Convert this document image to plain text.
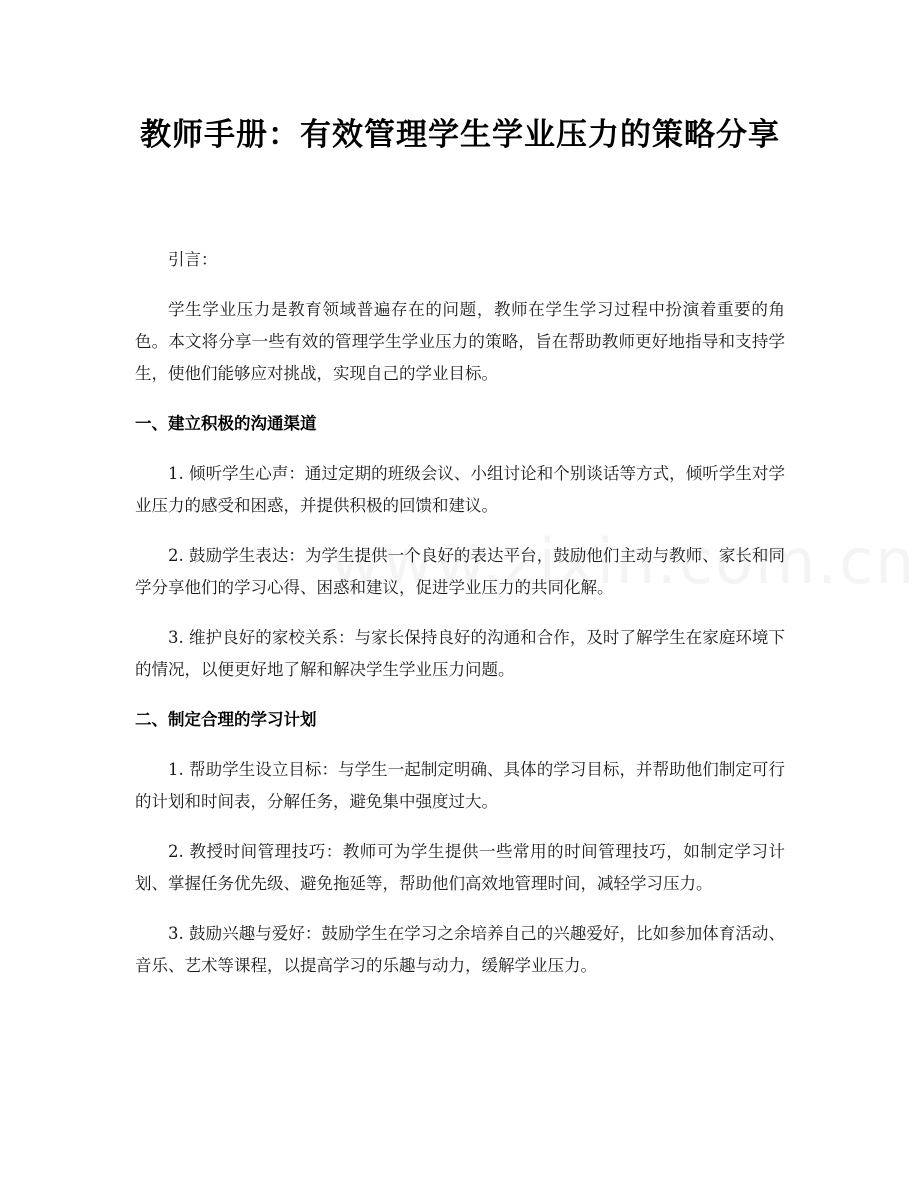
教师手册：有效管理学生学业压力的策略分享

引言：

学生学业压力是教育领域普遍存在的问题，教师在学生学习过程中扮演着重要的角色。本文将分享一些有效的管理学生学业压力的策略，旨在帮助教师更好地指导和支持学生，使他们能够应对挑战，实现自己的学业目标。

一、建立积极的沟通渠道

1. 倾听学生心声：通过定期的班级会议、小组讨论和个别谈话等方式，倾听学生对学业压力的感受和困惑，并提供积极的回馈和建议。

2. 鼓励学生表达：为学生提供一个良好的表达平台，鼓励他们主动与教师、家长和同学分享他们的学习心得、困惑和建议，促进学业压力的共同化解。

3. 维护良好的家校关系：与家长保持良好的沟通和合作，及时了解学生在家庭环境下的情况，以便更好地了解和解决学生学业压力问题。

二、制定合理的学习计划

1. 帮助学生设立目标：与学生一起制定明确、具体的学习目标，并帮助他们制定可行的计划和时间表，分解任务，避免集中强度过大。

2. 教授时间管理技巧：教师可为学生提供一些常用的时间管理技巧，如制定学习计划、掌握任务优先级、避免拖延等，帮助他们高效地管理时间，减轻学习压力。

3. 鼓励兴趣与爱好：鼓励学生在学习之余培养自己的兴趣爱好，比如参加体育活动、音乐、艺术等课程，以提高学习的乐趣与动力，缓解学业压力。
